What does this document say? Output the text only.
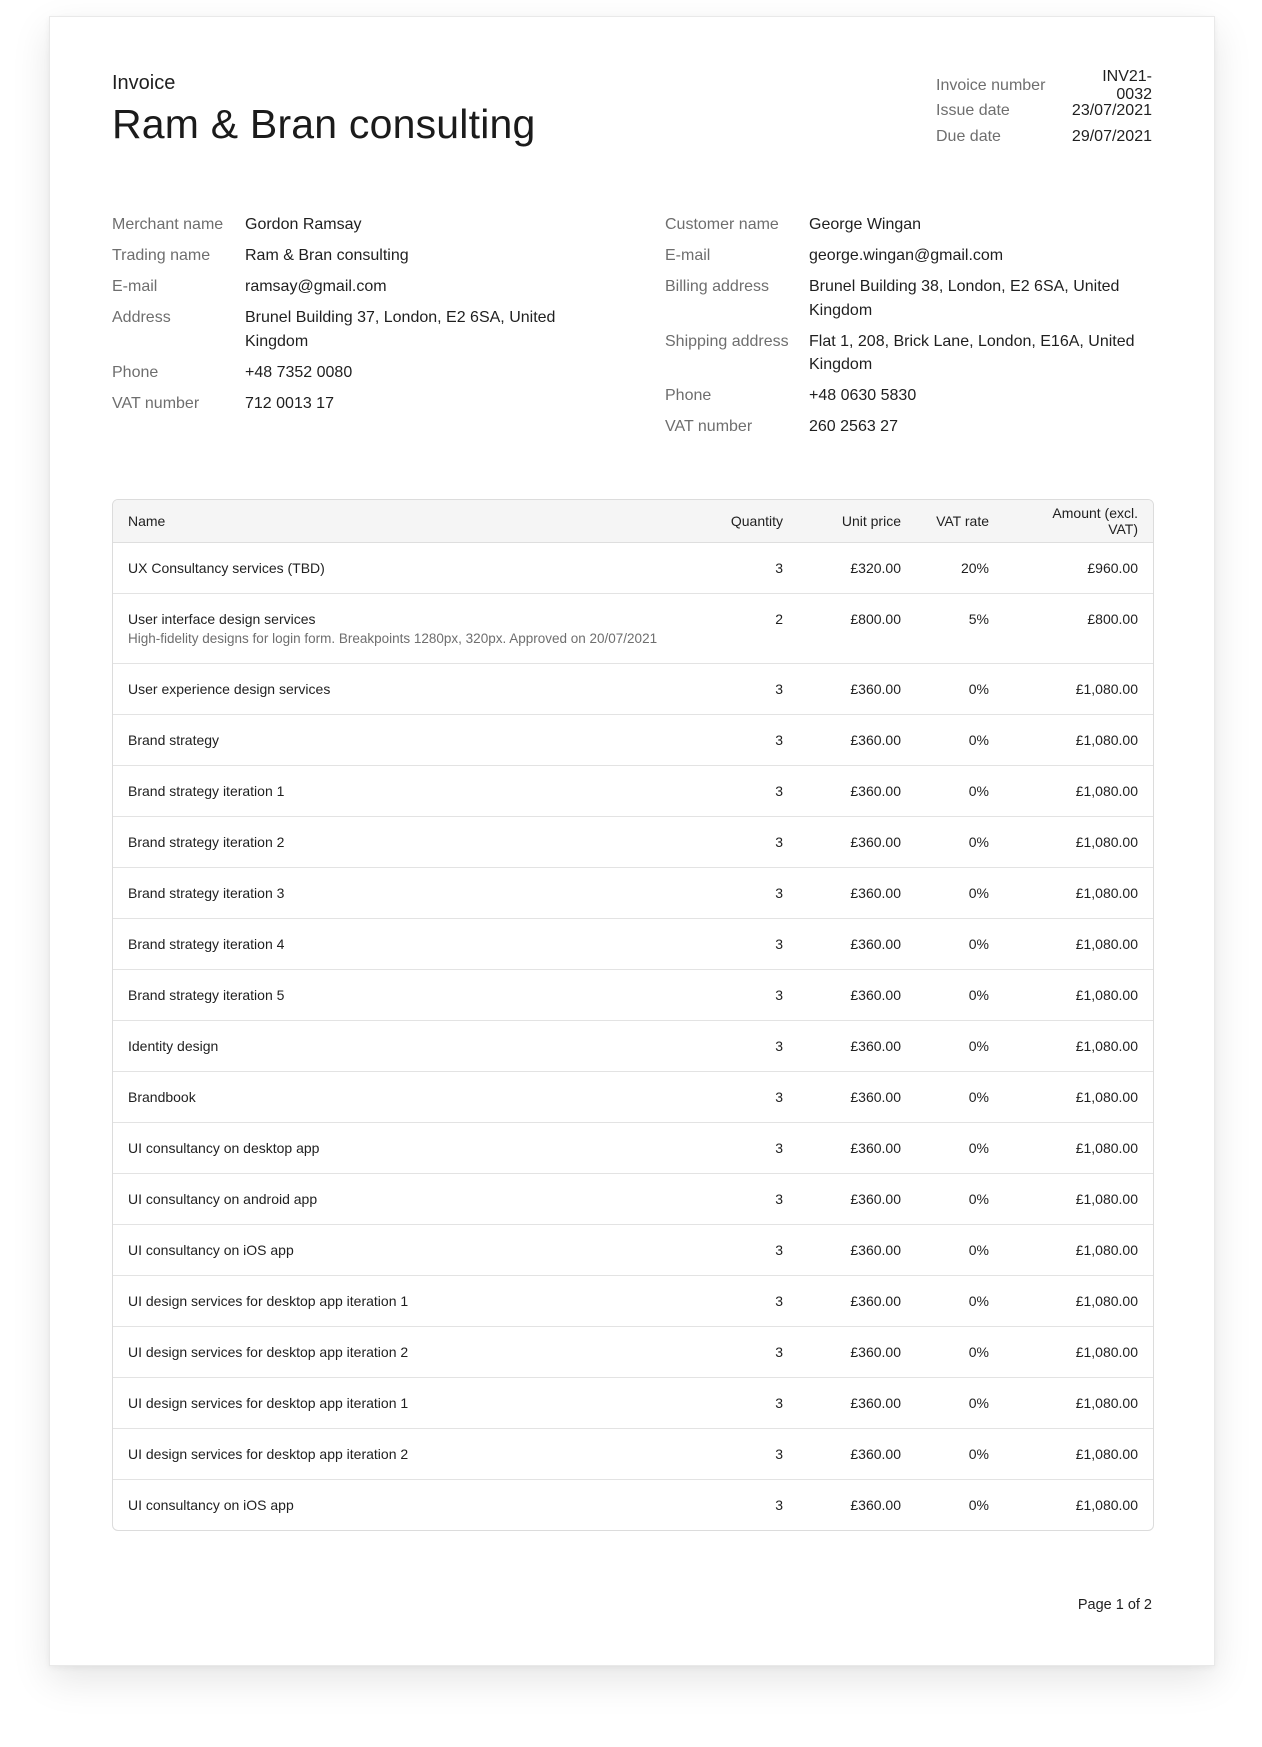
Invoice
Ram & Bran consulting
Invoice number
INV21-0032
Issue date	23/07/2021
Due date	29/07/2021
Merchant name	Gordon Ramsay
Trading name	Ram & Bran consulting
E-mail	ramsay@gmail.com
Address	Brunel Building 37, London, E2 6SA, United Kingdom
Phone	+48 7352 0080
VAT number	712 0013 17
Customer name	George Wingan
E-mail	george.wingan@gmail.com
Billing address	Brunel Building 38, London, E2 6SA, United Kingdom
Shipping address	Flat 1, 208, Brick Lane, London, E16A, United Kingdom
Phone	+48 0630 5830
VAT number	260 2563 27
Name	Quantity	Unit price	VAT rate	Amount (excl. VAT)

UX Consultancy services (TBD)	3	£320.00	20%	£960.00

User interface design services
High-fidelity designs for login form. Breakpoints 1280px, 320px. Approved on 20/07/2021	2	£800.00	5%	£800.00

User experience design services	3	£360.00	0%	£1,080.00

Brand strategy	3	£360.00	0%	£1,080.00

Brand strategy iteration 1	3	£360.00	0%	£1,080.00

Brand strategy iteration 2	3	£360.00	0%	£1,080.00

Brand strategy iteration 3	3	£360.00	0%	£1,080.00

Brand strategy iteration 4	3	£360.00	0%	£1,080.00

Brand strategy iteration 5	3	£360.00	0%	£1,080.00

Identity design	3	£360.00	0%	£1,080.00

Brandbook	3	£360.00	0%	£1,080.00

UI consultancy on desktop app	3	£360.00	0%	£1,080.00

UI consultancy on android app	3	£360.00	0%	£1,080.00

UI consultancy on iOS app	3	£360.00	0%	£1,080.00

UI design services for desktop app iteration 1	3	£360.00	0%	£1,080.00

UI design services for desktop app iteration 2	3	£360.00	0%	£1,080.00

UI design services for desktop app iteration 1	3	£360.00	0%	£1,080.00

UI design services for desktop app iteration 2	3	£360.00	0%	£1,080.00

UI consultancy on iOS app	3	£360.00	0%	£1,080.00
Page 1 of 2
